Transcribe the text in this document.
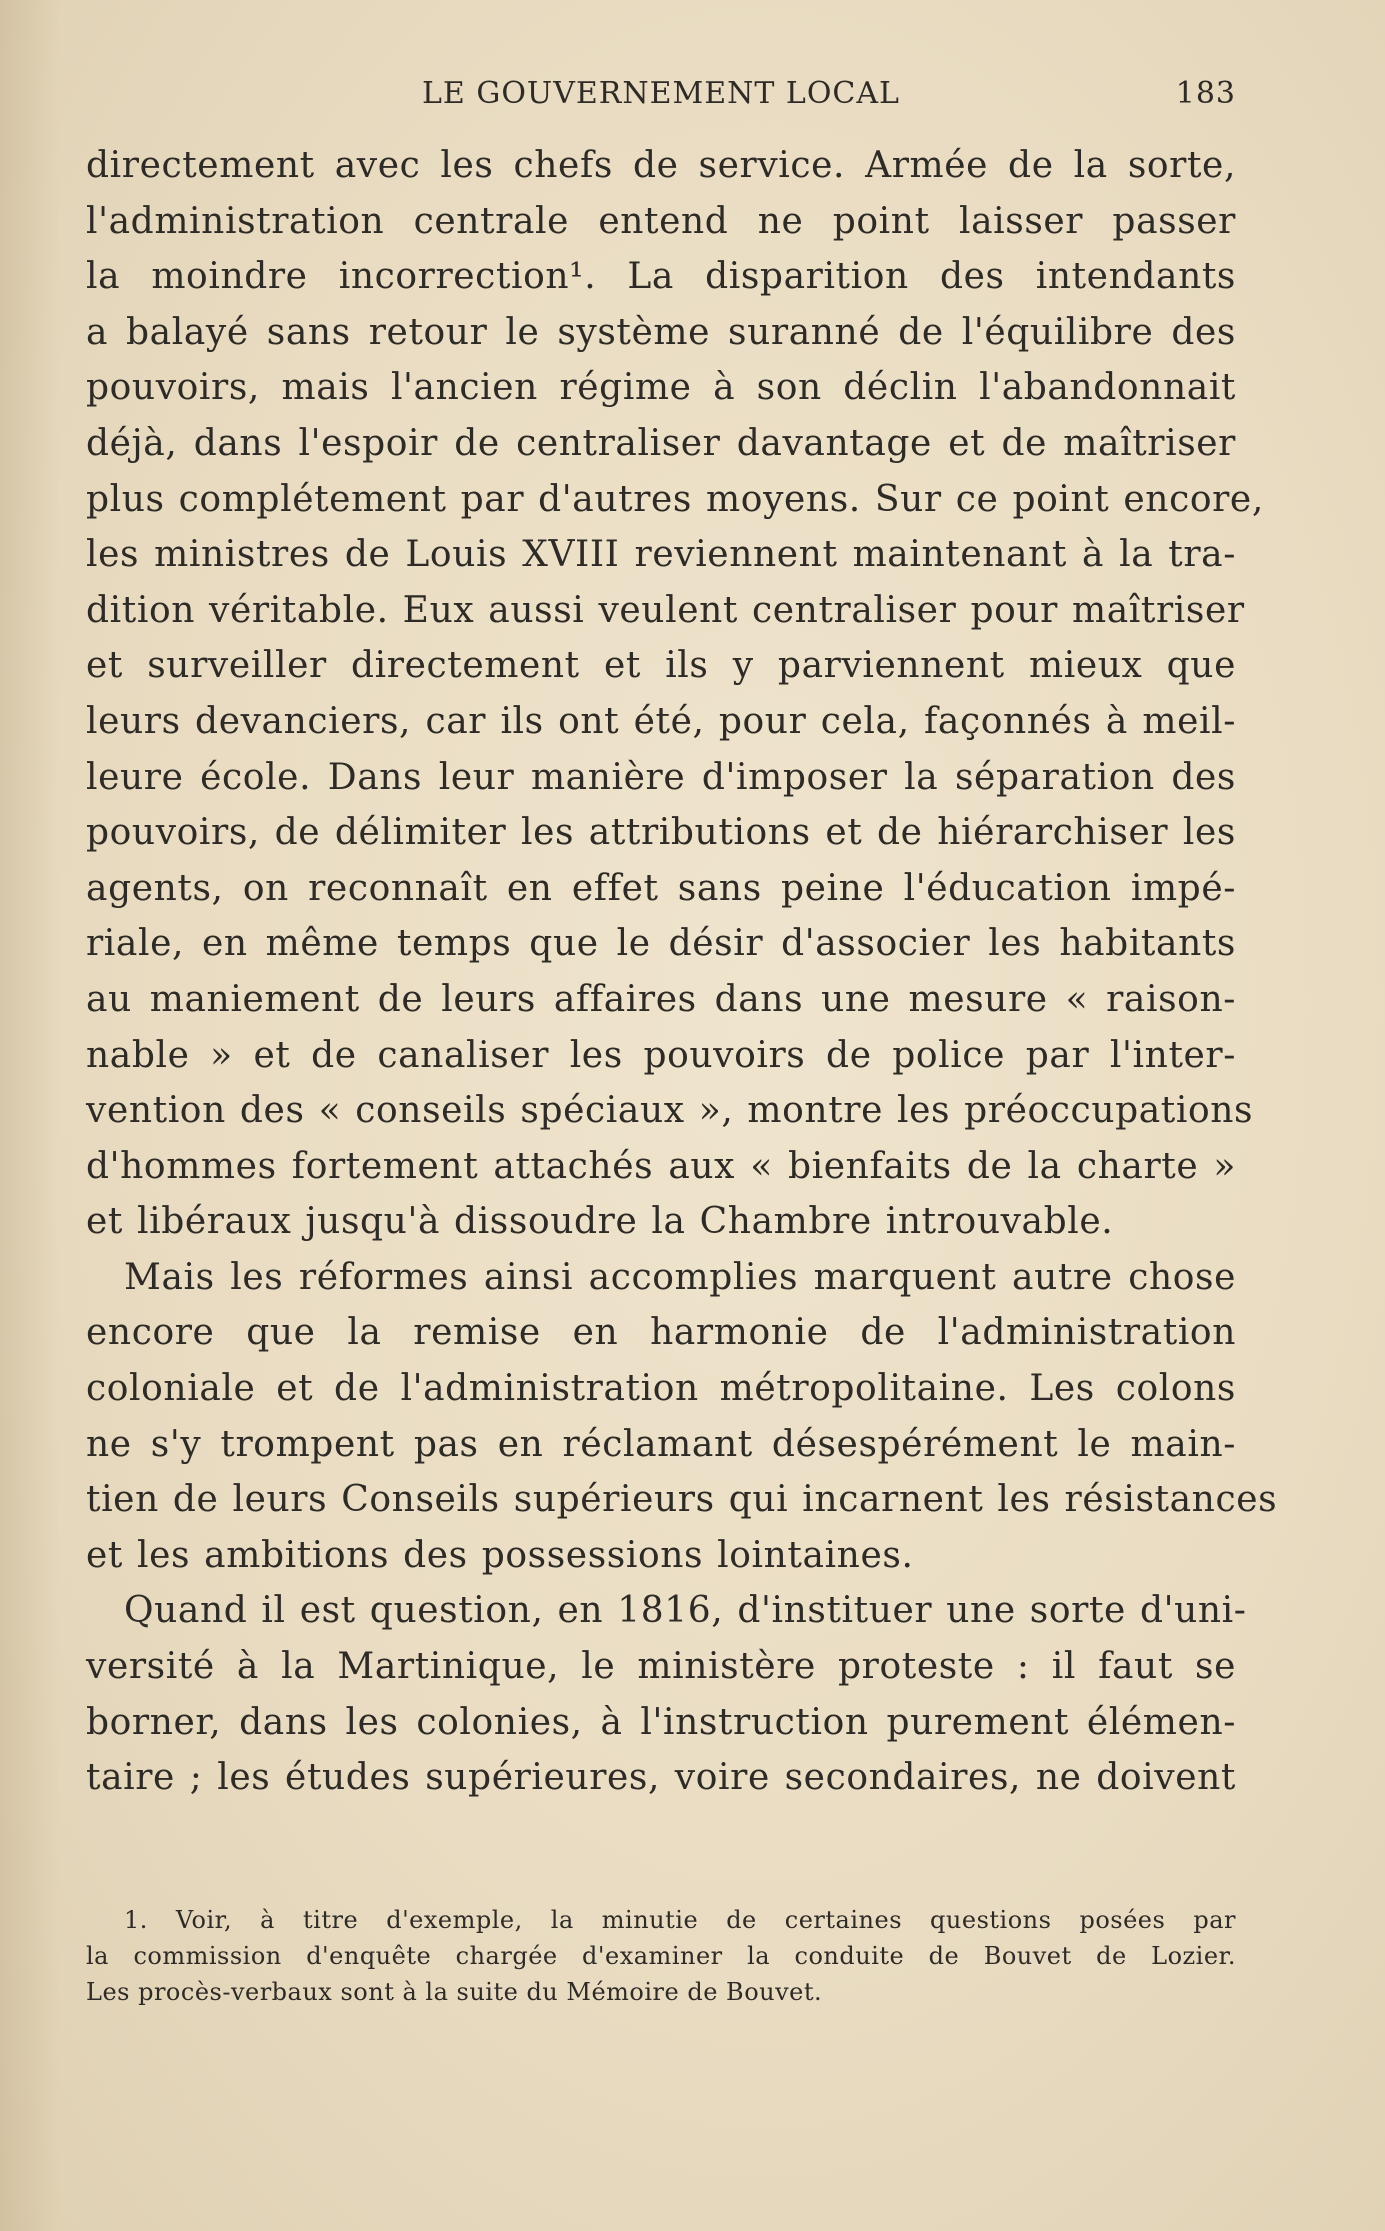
LE GOUVERNEMENT LOCAL	183
directement avec les chefs de service. Armée de la sorte,
l'administration centrale entend ne point laisser passer
la moindre incorrection¹. La disparition des intendants
a balayé sans retour le système suranné de l'équilibre des
pouvoirs, mais l'ancien régime à son déclin l'abandonnait
déjà, dans l'espoir de centraliser davantage et de maîtriser
plus complétement par d'autres moyens. Sur ce point encore,
les ministres de Louis XVIII reviennent maintenant à la tra-
dition véritable. Eux aussi veulent centraliser pour maîtriser
et surveiller directement et ils y parviennent mieux que
leurs devanciers, car ils ont été, pour cela, façonnés à meil-
leure école. Dans leur manière d'imposer la séparation des
pouvoirs, de délimiter les attributions et de hiérarchiser les
agents, on reconnaît en effet sans peine l'éducation impé-
riale, en même temps que le désir d'associer les habitants
au maniement de leurs affaires dans une mesure « raison-
nable » et de canaliser les pouvoirs de police par l'inter-
vention des « conseils spéciaux », montre les préoccupations
d'hommes fortement attachés aux « bienfaits de la charte »
et libéraux jusqu'à dissoudre la Chambre introuvable.
Mais les réformes ainsi accomplies marquent autre chose
encore que la remise en harmonie de l'administration
coloniale et de l'administration métropolitaine. Les colons
ne s'y trompent pas en réclamant désespérément le main-
tien de leurs Conseils supérieurs qui incarnent les résistances
et les ambitions des possessions lointaines.
Quand il est question, en 1816, d'instituer une sorte d'uni-
versité à la Martinique, le ministère proteste : il faut se
borner, dans les colonies, à l'instruction purement élémen-
taire ; les études supérieures, voire secondaires, ne doivent
1. Voir, à titre d'exemple, la minutie de certaines questions posées par
la commission d'enquête chargée d'examiner la conduite de Bouvet de Lozier.
Les procès-verbaux sont à la suite du Mémoire de Bouvet.
